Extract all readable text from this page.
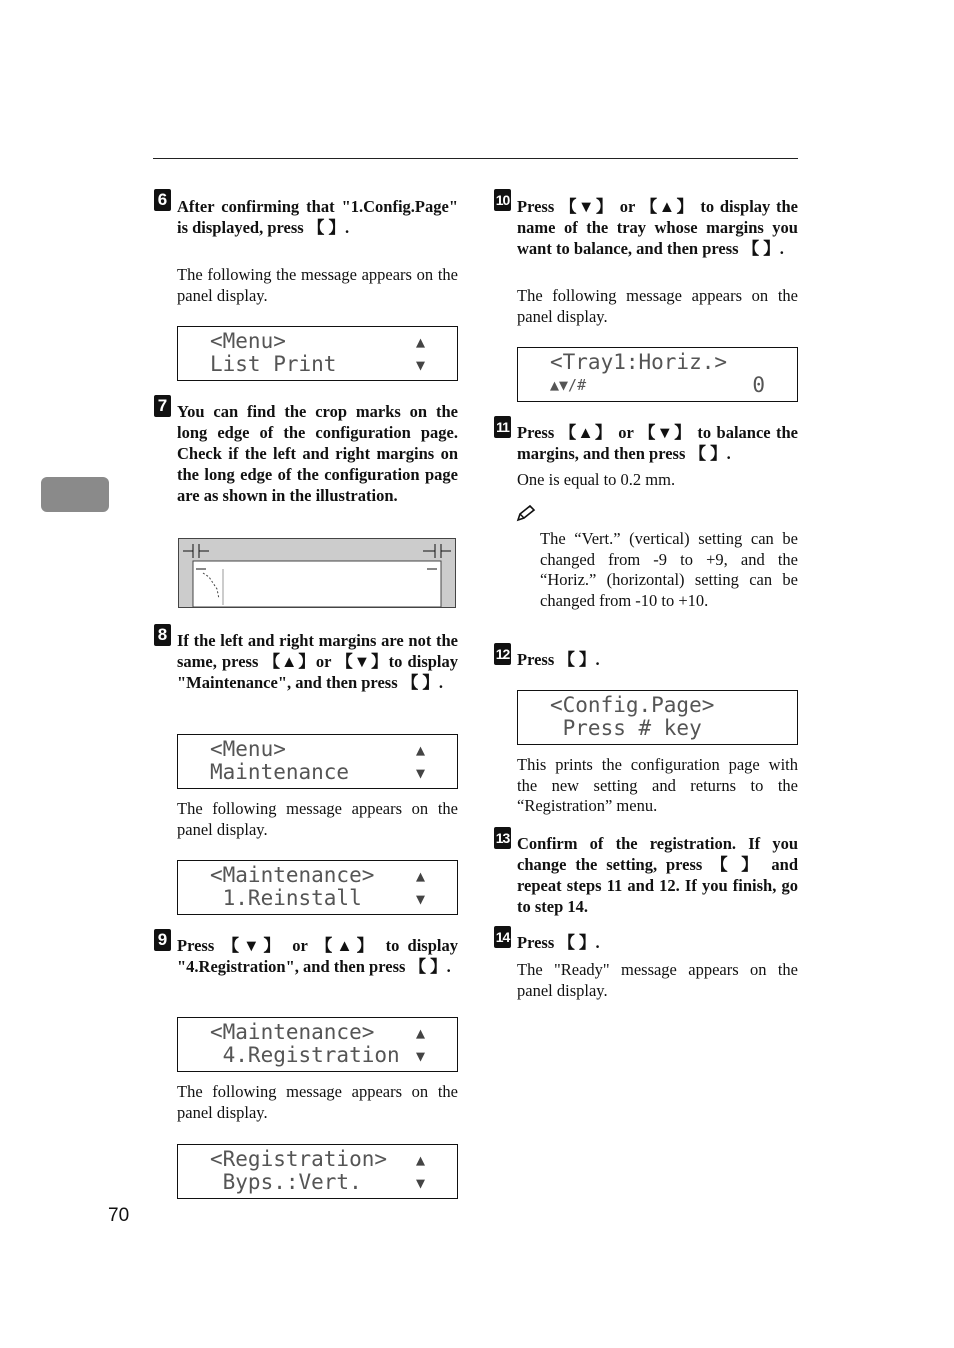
6 After confirming that "1.Config.Page" is displayed, press 【 】.
The following the message appears on the panel display.
<Menu>
List Print
▲
▼
7 You can find the crop marks on the long edge of the configuration page. Check if the left and right margins on the long edge of the configuration page are as shown in the illustration.
8 If the left and right margins are not the same, press 【▲】or 【▼】to display "Maintenance", and then press 【 】.
<Menu>
Maintenance
▲
▼
The following message appears on the panel display.
<Maintenance>
1.Reinstall
▲
▼
9 Press 【▼】 or 【▲】 to display "4.Registration", and then press 【 】.
<Maintenance>
4.Registration
▲
▼
The following message appears on the panel display.
<Registration>
Byps.:Vert.
▲
▼
70
10 Press 【▼】 or 【▲】 to display the name of the tray whose margins you want to balance, and then press 【 】.
The following message appears on the panel display.
<Tray1:Horiz.>
▲▼/#	0
11 Press 【▲】 or 【▼】 to balance the margins, and then press 【 】.
One is equal to 0.2 mm.
The “Vert.” (vertical) setting can be changed from -9 to +9, and the “Horiz.” (horizontal) setting can be changed from -10 to +10.
12 Press 【 】.
<Config.Page>
Press # key
This prints the configuration page with the new setting and returns to the “Registration” menu.
13 Confirm of the registration. If you change the setting, press 【 】 and repeat steps 11 and 12. If you finish, go to step 14.
14 Press 【 】.
The "Ready" message appears on the panel display.
